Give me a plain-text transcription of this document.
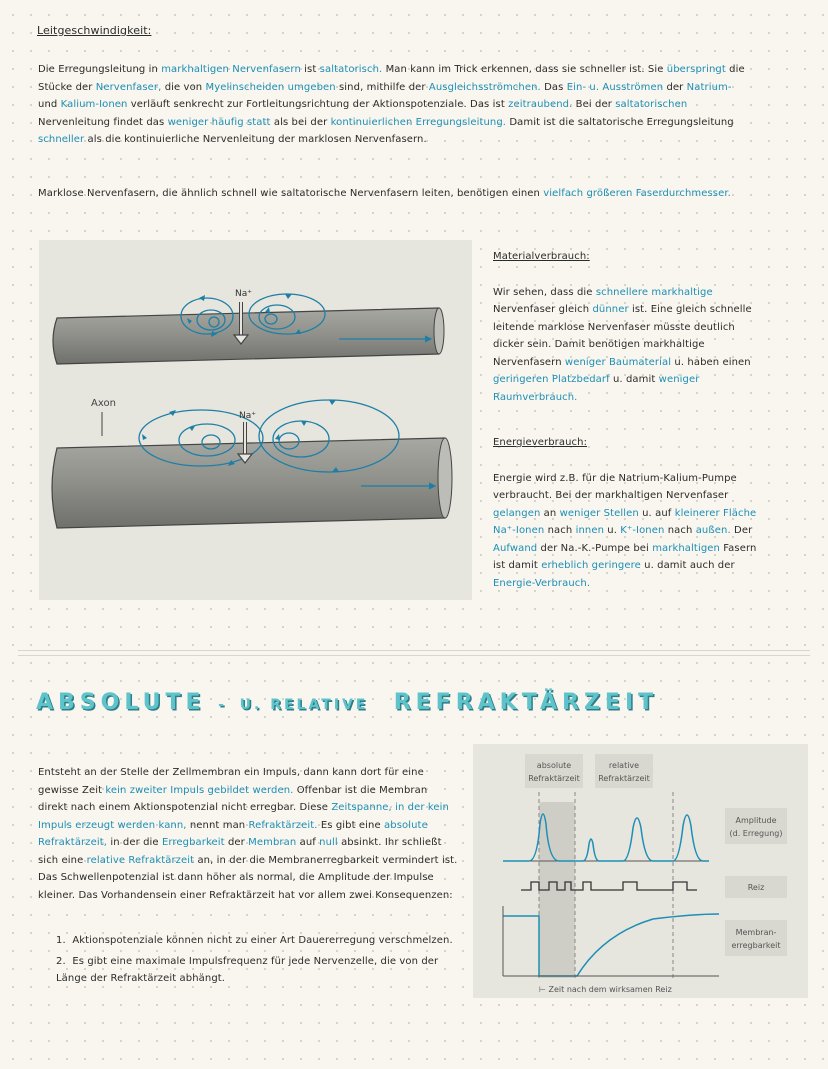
Leitgeschwindigkeit:
Die Erregungsleitung in markhaltigen Nervenfasern ist saltatorisch. Man kann im Trick erkennen, dass sie schneller ist. Sie überspringt die Stücke der Nervenfaser, die von Myelinscheiden umgeben sind, mithilfe der Ausgleichsströmchen. Das Ein- u. Ausströmen der Natrium- und Kalium-Ionen verläuft senkrecht zur Fortleitungsrichtung der Aktionspotenziale. Das ist zeitraubend. Bei der saltatorischen Nervenleitung findet das weniger häufig statt als bei der kontinuierlichen Erregungsleitung. Damit ist die saltatorische Erregungsleitung schneller als die kontinuierliche Nervenleitung der marklosen Nervenfasern.
Marklose Nervenfasern, die ähnlich schnell wie saltatorische Nervenfasern leiten, benötigen einen vielfach größeren Faserdurchmesser.
Na⁺
Axon
Na⁺
Materialverbrauch:

Wir sehen, dass die schnellere markhaltige Nervenfaser gleich dünner ist. Eine gleich schnelle leitende marklose Nervenfaser müsste deutlich dicker sein. Damit benötigen markhaltige Nervenfasern weniger Baumaterial u. haben einen geringeren Platzbedarf u. damit weniger Raumverbrauch.

Energieverbrauch:

Energie wird z.B. für die Natrium-Kalium-Pumpe verbraucht. Bei der markhaltigen Nervenfaser gelangen an weniger Stellen u. auf kleinerer Fläche Na⁺-Ionen nach innen u. K⁺-Ionen nach außen. Der Aufwand der Na.-K.-Pumpe bei markhaltigen Fasern ist damit erheblich geringere u. damit auch der Energie-Verbrauch.

ABSOLUTE - U. RELATIVE REFRAKTÄRZEIT
Entsteht an der Stelle der Zellmembran ein Impuls, dann kann dort für eine gewisse Zeit kein zweiter Impuls gebildet werden. Offenbar ist die Membran direkt nach einem Aktionspotenzial nicht erregbar. Diese Zeitspanne, in der kein Impuls erzeugt werden kann, nennt man Refraktärzeit. Es gibt eine absolute Refraktärzeit, in der die Erregbarkeit der Membran auf null absinkt. Ihr schließt sich eine relative Refraktärzeit an, in der die Membranerregbarkeit vermindert ist. Das Schwellenpotenzial ist dann höher als normal, die Amplitude der Impulse kleiner. Das Vorhandensein einer Refraktärzeit hat vor allem zwei Konsequenzen:
1. Aktionspotenziale können nicht zu einer Art Dauererregung verschmelzen.
2. Es gibt eine maximale Impulsfrequenz für jede Nervenzelle, die von der Länge der Refraktärzeit abhängt.
absolute
Refraktärzeit
relative
Refraktärzeit
Amplitude
(d. Erregung)
Reiz
Membran-
erregbarkeit
⊢ Zeit nach dem wirksamen Reiz
